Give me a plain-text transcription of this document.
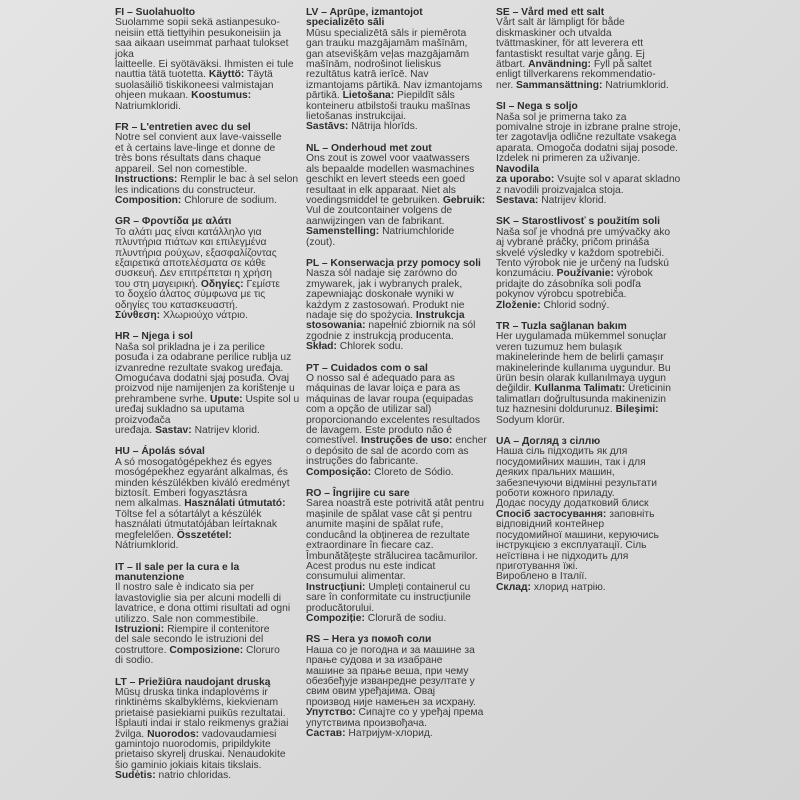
FI – Suolahuolto
Suolamme sopii sekä astianpesuko-
neisiin että tiettyihin pesukoneisiin ja
saa aikaan useimmat parhaat tulokset joka
laitteelle. Ei syötäväksi. Ihmisten ei tule
nauttia tätä tuotetta. Käyttö: Täytä
suolasäiliö tiskikoneesi valmistajan
ohjeen mukaan. Koostumus:
Natriumkloridi.
FR – L'entretien avec du sel
Notre sel convient aux lave-vaisselle
et à certains lave-linge et donne de
très bons résultats dans chaque
appareil. Sel non comestible.
Instructions: Remplir le bac à sel selon
les indications du constructeur.
Composition: Chlorure de sodium.
GR – Φροντίδα με αλάτι
Το αλάτι μας είναι κατάλληλο για
πλυντήρια πιάτων και επιλεγμένα
πλυντήρια ρούχων, εξασφαλίζοντας
εξαιρετικά αποτελέσματα σε κάθε
συσκευή. Δεν επιτρέπεται η χρήση
του στη μαγειρική. Οδηγίες: Γεμίστε
το δοχείο άλατος σύμφωνα με τις
οδηγίες του κατασκευαστή.
Σύνθεση: Χλωριούχο νάτριο.
HR – Njega i sol
Naša sol prikladna je i za perilice
posuđa i za odabrane perilice rublja uz
izvanredne rezultate svakog uređaja.
Omogućava dodatni sjaj posuđa. Ovaj
proizvod nije namijenjen za korištenje u
prehrambene svrhe. Upute: Uspite sol u
uređaj sukladno sa uputama proizvođača
uređaja. Sastav: Natrijev klorid.
HU – Ápolás sóval
A só mosogatógépekhez és egyes
mosógépekhez egyaránt alkalmas, és
minden készülékben kiváló eredményt
biztosít. Emberi fogyasztásra
nem alkalmas. Használati útmutató:
Töltse fel a sótartályt a készülék
használati útmutatójában leírtaknak
megfelelően. Összetétel:
Nátriumklorid.
IT – Il sale per la cura e la manutenzione
Il nostro sale è indicato sia per
lavastoviglie sia per alcuni modelli di
lavatrice, e dona ottimi risultati ad ogni
utilizzo. Sale non commestibile.
Istruzioni: Riempire il contenitore
del sale secondo le istruzioni del
costruttore. Composizione: Cloruro
di sodio.
LT – Priežiūra naudojant druską
Mūsų druska tinka indaplovėms ir
rinktinėms skalbyklėms, kiekvienam
prietaisė pasiekiami puikūs rezultatai.
Išplauti indai ir stalo reikmenys gražiai
žvilga. Nuorodos: vadovaudamiesi
gamintojo nuorodomis, pripildykite
prietaiso skyrelį druskai. Nenaudokite
šio gaminio jokiais kitais tikslais.
Sudėtis: natrio chloridas.
LV – Aprūpe, izmantojot
specializēto sāli
Mūsu specializētā sāls ir piemērota
gan trauku mazgājamām mašīnām,
gan atsevišķām veļas mazgājamām
mašīnām, nodrošinot lieliskus
rezultātus katrā ierīcē. Nav
izmantojams pārtikā. Nav izmantojams
pārtikā. Lietošana: Piepildīt sāls
konteineru atbilstoši trauku mašīnas
lietošanas instrukcijai.
Sastāvs: Nātrija hlorīds.
NL – Onderhoud met zout
Ons zout is zowel voor vaatwassers
als bepaalde modellen wasmachines
geschikt en levert steeds een goed
resultaat in elk apparaat. Niet als
voedingsmiddel te gebruiken. Gebruik:
Vul de zoutcontainer volgens de
aanwijzingen van de fabrikant.
Samenstelling: Natriumchloride
(zout).
PL – Konserwacja przy pomocy soli
Nasza sól nadaje się zarówno do
zmywarek, jak i wybranych pralek,
zapewniając doskonałe wyniki w
każdym z zastosowań. Produkt nie
nadaje się do spożycia. Instrukcja
stosowania: napełnić zbiornik na sól
zgodnie z instrukcją producenta.
Skład: Chlorek sodu.
PT – Cuidados com o sal
O nosso sal é adequado para as
máquinas de lavar loiça e para as
máquinas de lavar roupa (equipadas
com a opção de utilizar sal)
proporcionando excelentes resultados
de lavagem. Este produto não é
comestível. Instruções de uso: encher
o depósito de sal de acordo com as
instruções do fabricante.
Composição: Cloreto de Sódio.
RO – Îngrijire cu sare
Sarea noastră este potrivită atât pentru
mașinile de spălat vase cât și pentru
anumite mașini de spălat rufe,
conducând la obținerea de rezultate
extraordinare în fiecare caz.
Îmbunătățește strălucirea tacâmurilor.
Acest produs nu este indicat
consumului alimentar.
Instrucțiuni: Umpleți containerul cu
sare în conformitate cu instrucțiunile
producătorului.
Compoziție: Clorură de sodiu.
RS – Нега уз помоћ соли
Наша со је погодна и за машине за
прање судова и за изабране
машине за прање веша, при чему
обезбеђује изванредне резултате у
свим овим уређајима. Овај
производ није намењен за исхрану.
Упутство: Сипајте со у уређај према
упутствима произвођача.
Састав: Натријум-хлорид.
SE – Vård med ett salt
Vårt salt är lämpligt för både
diskmaskiner och utvalda
tvättmaskiner, för att leverera ett
fantastiskt resultat varje gång. Ej
ätbart. Användning: Fyll på saltet
enligt tillverkarens rekommendatio-
ner. Sammansättning: Natriumklorid.
SI – Nega s soljo
Naša sol je primerna tako za
pomivalne stroje in izbrane pralne stroje,
ter zagotavlja odlične rezultate vsakega
aparata. Omogoča dodatni sijaj posode.
Izdelek ni primeren za uživanje. Navodila
za uporabo: Vsujte sol v aparat skladno
z navodili proizvajalca stoja.
Sestava: Natrijev klorid.
SK – Starostlivosť s použitím soli
Naša soľ je vhodná pre umývačky ako
aj vybrané práčky, pričom prináša
skvelé výsledky v každom spotrebiči.
Tento výrobok nie je určený na ľudskú
konzumáciu. Používanie: výrobok
pridajte do zásobníka soli podľa
pokynov výrobcu spotrebiča.
Zloženie: Chlorid sodný.
TR – Tuzla sağlanan bakım
Her uygulamada mükemmel sonuçlar
veren tuzumuz hem bulaşık
makinelerinde hem de belirli çamaşır
makinelerinde kullanıma uygundur. Bu
ürün besin olarak kullanılmaya uygun
değildir. Kullanma Talimatı: Üreticinin
talimatları doğrultusunda makinenizin
tuz haznesini doldurunuz. Bileşimi:
Sodyum klorür.
UA – Догляд з сіллю
Наша сіль підходить як для
посудомийних машин, так і для
деяких пральних машин,
забезпечуючи відмінні результати
роботи кожного приладу.
Додає посуду додатковий блиск
Спосіб застосування: заповніть
відповідний контейнер
посудомийної машини, керуючись
інструкцією з експлуатації. Сіль
неїстівна і не підходить для
приготування їжі.
Вироблено в Італії.
Склад: хлорид натрію.
